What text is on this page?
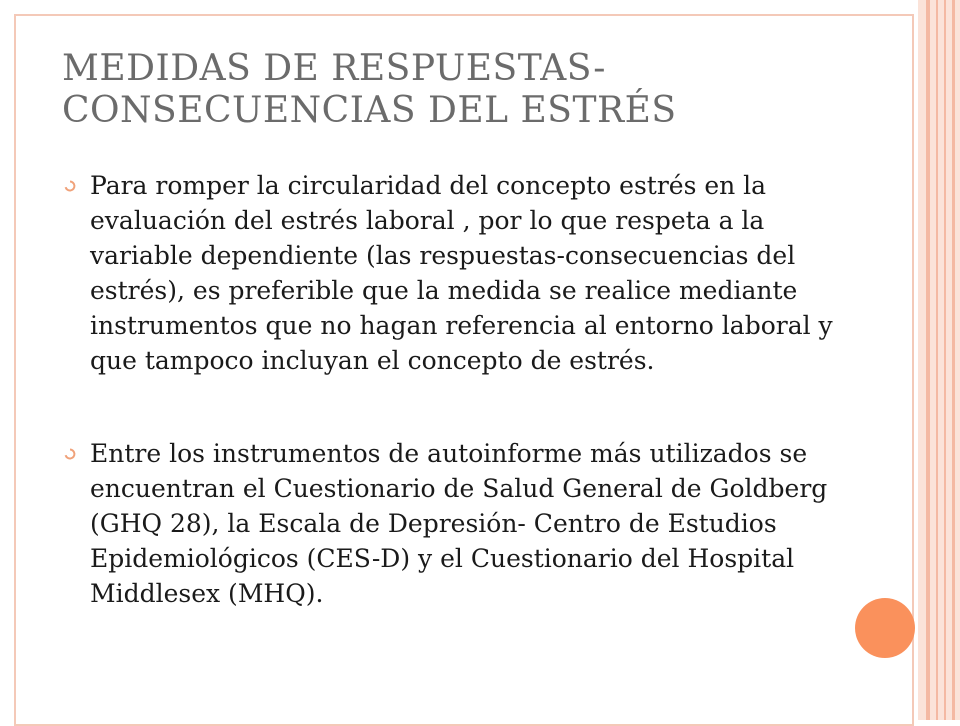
MEDIDAS DE RESPUESTAS-
CONSECUENCIAS DEL ESTRÉS
Para romper la circularidad del concepto estrés en la evaluación del estrés laboral , por lo que respeta a la variable dependiente (las respuestas-consecuencias del estrés), es preferible que la medida se realice mediante instrumentos que no hagan referencia al entorno laboral y que tampoco incluyan el concepto de estrés.
Entre los instrumentos de autoinforme más utilizados se encuentran el Cuestionario de Salud General de Goldberg (GHQ 28), la Escala de Depresión- Centro de Estudios Epidemiológicos (CES-D) y el Cuestionario del Hospital Middlesex (MHQ).
